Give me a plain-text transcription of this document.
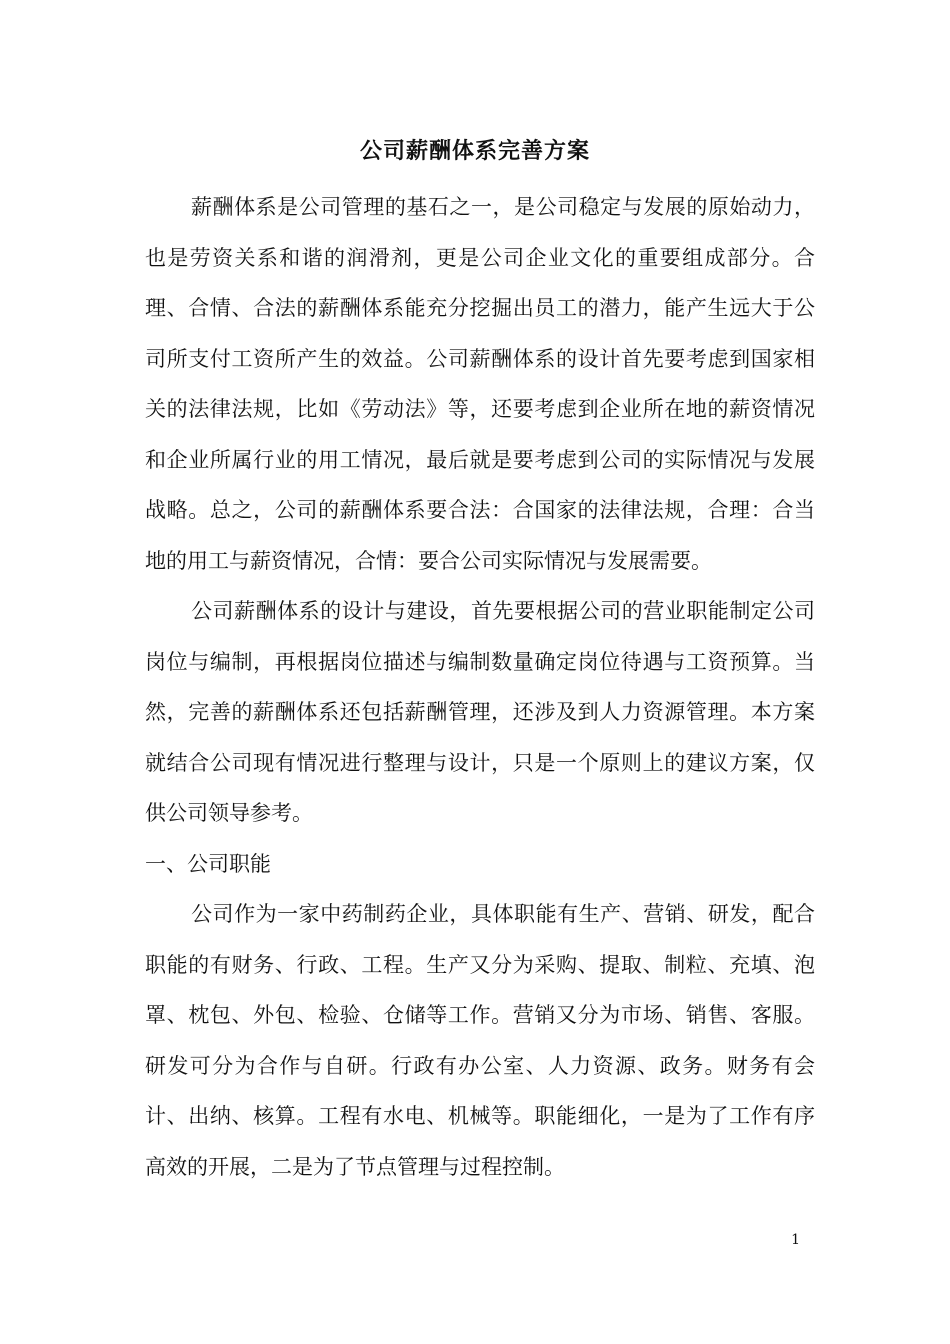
公司薪酬体系完善方案

薪酬体系是公司管理的基石之一，是公司稳定与发展的原始动力，也是劳资关系和谐的润滑剂，更是公司企业文化的重要组成部分。合理、合情、合法的薪酬体系能充分挖掘出员工的潜力，能产生远大于公司所支付工资所产生的效益。公司薪酬体系的设计首先要考虑到国家相关的法律法规，比如《劳动法》等，还要考虑到企业所在地的薪资情况和企业所属行业的用工情况，最后就是要考虑到公司的实际情况与发展战略。总之，公司的薪酬体系要合法：合国家的法律法规，合理：合当地的用工与薪资情况，合情：要合公司实际情况与发展需要。

公司薪酬体系的设计与建设，首先要根据公司的营业职能制定公司岗位与编制，再根据岗位描述与编制数量确定岗位待遇与工资预算。当然，完善的薪酬体系还包括薪酬管理，还涉及到人力资源管理。本方案就结合公司现有情况进行整理与设计，只是一个原则上的建议方案，仅供公司领导参考。

一、公司职能

公司作为一家中药制药企业，具体职能有生产、营销、研发，配合职能的有财务、行政、工程。生产又分为采购、提取、制粒、充填、泡罩、枕包、外包、检验、仓储等工作。营销又分为市场、销售、客服。研发可分为合作与自研。行政有办公室、人力资源、政务。财务有会计、出纳、核算。工程有水电、机械等。职能细化，一是为了工作有序高效的开展，二是为了节点管理与过程控制。

1
